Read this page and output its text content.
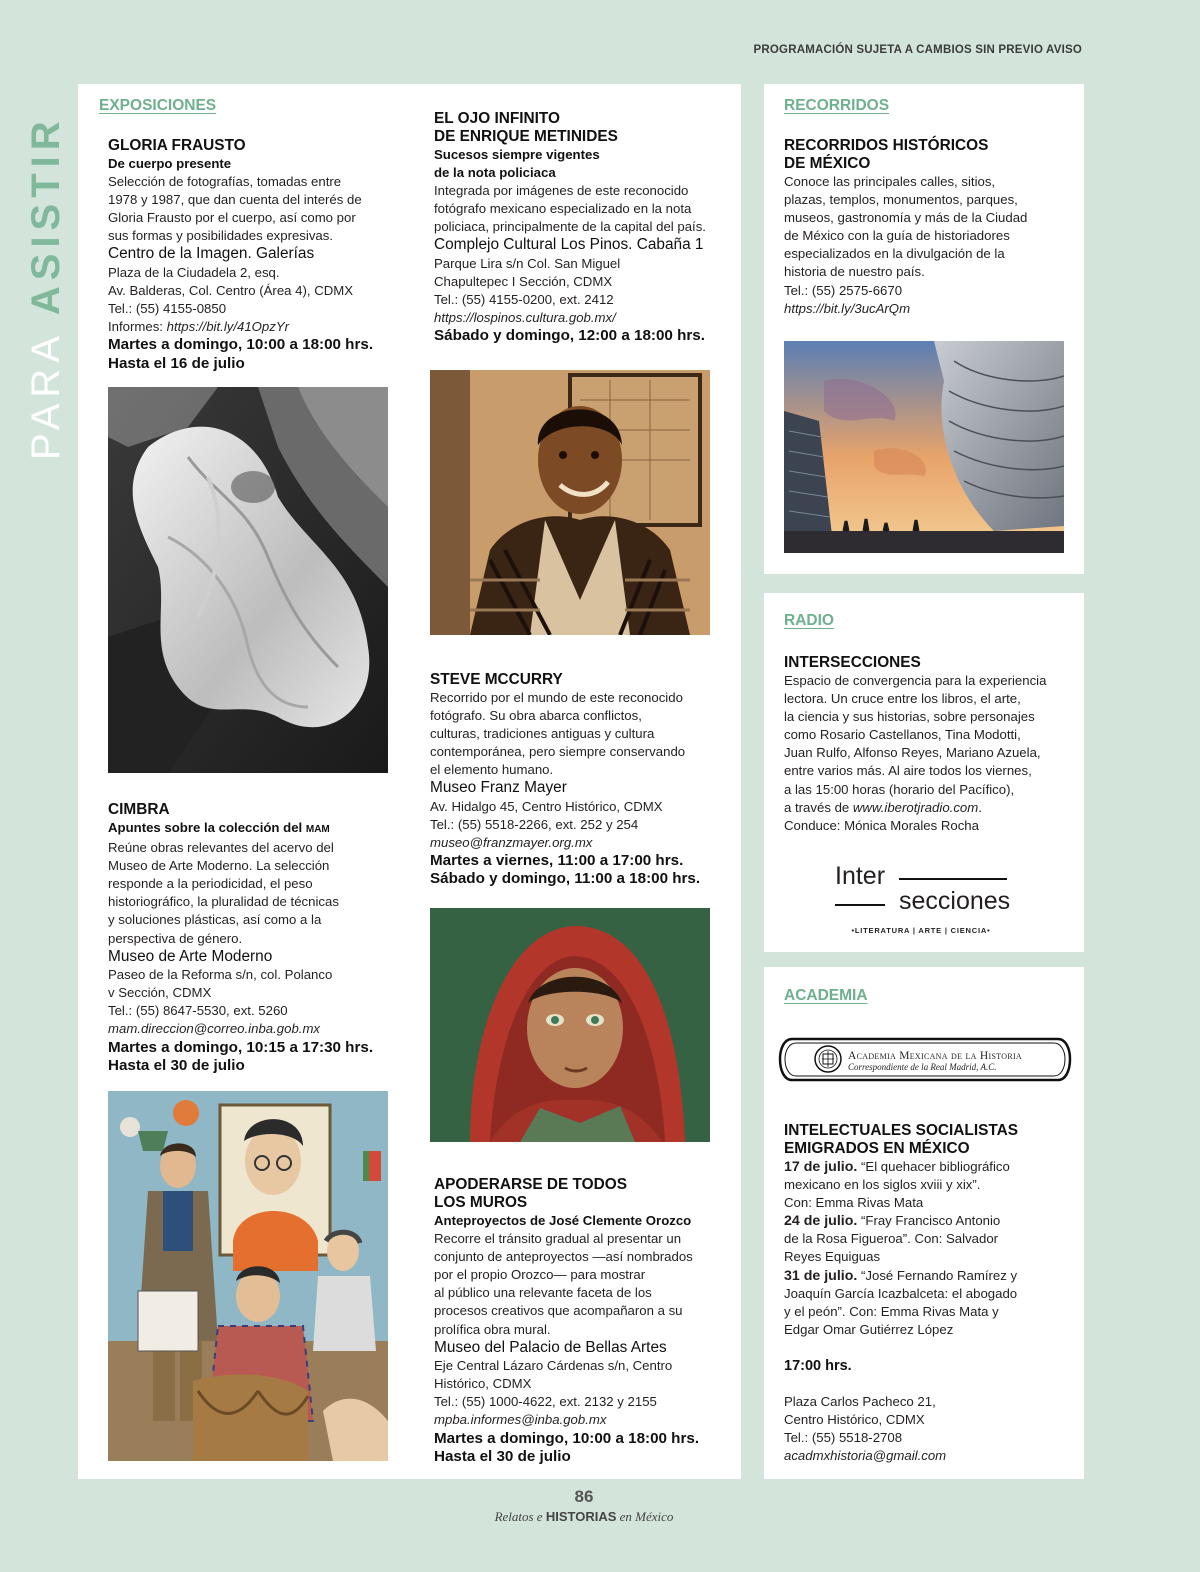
PROGRAMACIÓN SUJETA A CAMBIOS SIN PREVIO AVISO
PARA ASISTIR
EXPOSICIONES
GLORIA FRAUSTO
De cuerpo presente
Selección de fotografías, tomadas entre
1978 y 1987, que dan cuenta del interés de
Gloria Frausto por el cuerpo, así como por
sus formas y posibilidades expresivas.
Centro de la Imagen. Galerías
Plaza de la Ciudadela 2, esq.
Av. Balderas, Col. Centro (Área 4), CDMX
Tel.: (55) 4155-0850
Informes: https://bit.ly/41OpzYr
Martes a domingo, 10:00 a 18:00 hrs.
Hasta el 16 de julio
CIMBRA
Apuntes sobre la colección del MAM
Reúne obras relevantes del acervo del
Museo de Arte Moderno. La selección
responde a la periodicidad, el peso
historiográfico, la pluralidad de técnicas
y soluciones plásticas, así como a la
perspectiva de género.
Museo de Arte Moderno
Paseo de la Reforma s/n, col. Polanco
v Sección, CDMX
Tel.: (55) 8647-5530, ext. 5260
mam.direccion@correo.inba.gob.mx
Martes a domingo, 10:15 a 17:30 hrs.
Hasta el 30 de julio
EL OJO INFINITO
DE ENRIQUE METINIDES
Sucesos siempre vigentes
de la nota policiaca
Integrada por imágenes de este reconocido
fotógrafo mexicano especializado en la nota
policiaca, principalmente de la capital del país.
Complejo Cultural Los Pinos. Cabaña 1
Parque Lira s/n Col. San Miguel
Chapultepec I Sección, CDMX
Tel.: (55) 4155-0200, ext. 2412
https://lospinos.cultura.gob.mx/
Sábado y domingo, 12:00 a 18:00 hrs.
STEVE MCCURRY
Recorrido por el mundo de este reconocido
fotógrafo. Su obra abarca conflictos,
culturas, tradiciones antiguas y cultura
contemporánea, pero siempre conservando
el elemento humano.
Museo Franz Mayer
Av. Hidalgo 45, Centro Histórico, CDMX
Tel.: (55) 5518-2266, ext. 252 y 254
museo@franzmayer.org.mx
Martes a viernes, 11:00 a 17:00 hrs.
Sábado y domingo, 11:00 a 18:00 hrs.
APODERARSE DE TODOS
LOS MUROS
Anteproyectos de José Clemente Orozco
Recorre el tránsito gradual al presentar un
conjunto de anteproyectos —así nombrados
por el propio Orozco— para mostrar
al público una relevante faceta de los
procesos creativos que acompañaron a su
prolífica obra mural.
Museo del Palacio de Bellas Artes
Eje Central Lázaro Cárdenas s/n, Centro
Histórico, CDMX
Tel.: (55) 1000-4622, ext. 2132 y 2155
mpba.informes@inba.gob.mx
Martes a domingo, 10:00 a 18:00 hrs.
Hasta el 30 de julio
RECORRIDOS
RECORRIDOS HISTÓRICOS
DE MÉXICO
Conoce las principales calles, sitios,
plazas, templos, monumentos, parques,
museos, gastronomía y más de la Ciudad
de México con la guía de historiadores
especializados en la divulgación de la
historia de nuestro país.
Tel.: (55) 2575-6670
https://bit.ly/3ucArQm
RADIO
INTERSECCIONES
Espacio de convergencia para la experiencia
lectora. Un cruce entre los libros, el arte,
la ciencia y sus historias, sobre personajes
como Rosario Castellanos, Tina Modotti,
Juan Rulfo, Alfonso Reyes, Mariano Azuela,
entre varios más. Al aire todos los viernes,
a las 15:00 horas (horario del Pacífico),
a través de www.iberotjradio.com.
Conduce: Mónica Morales Rocha
Inter
secciones
•LITERATURA | ARTE | CIENCIA•
ACADEMIA
Academia Mexicana de la Historia
Correspondiente de la Real Madrid, A.C.
INTELECTUALES SOCIALISTAS
EMIGRADOS EN MÉXICO
17 de julio. “El quehacer bibliográfico
mexicano en los siglos xviii y xix”.
Con: Emma Rivas Mata
24 de julio. “Fray Francisco Antonio
de la Rosa Figueroa”. Con: Salvador
Reyes Equiguas
31 de julio. “José Fernando Ramírez y
Joaquín García Icazbalceta: el abogado
y el peón”. Con: Emma Rivas Mata y
Edgar Omar Gutiérrez López
17:00 hrs.
Plaza Carlos Pacheco 21,
Centro Histórico, CDMX
Tel.: (55) 5518-2708
acadmxhistoria@gmail.com
86
Relatos e HISTORIAS en México
